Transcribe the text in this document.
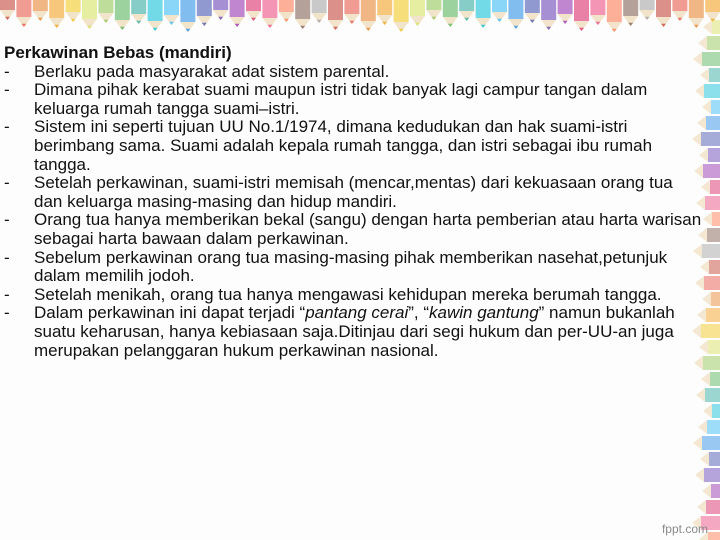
Perkawinan Bebas (mandiri)

- Berlaku pada masyarakat adat sistem parental.
- Dimana pihak kerabat suami maupun istri tidak banyak lagi campur tangan dalam keluarga rumah tangga suami–istri.
- Sistem ini seperti tujuan UU No.1/1974, dimana kedudukan dan hak suami-istri berimbang sama. Suami adalah kepala rumah tangga, dan istri sebagai ibu rumah tangga.
- Setelah perkawinan, suami-istri memisah (mencar,mentas) dari kekuasaan orang tua dan keluarga masing-masing dan hidup mandiri.
- Orang tua hanya memberikan bekal (sangu) dengan harta pemberian atau harta warisan sebagai harta bawaan dalam perkawinan.
- Sebelum perkawinan orang tua masing-masing pihak memberikan nasehat,petunjuk dalam memilih jodoh.
- Setelah menikah, orang tua hanya mengawasi kehidupan mereka berumah tangga.
- Dalam perkawinan ini dapat terjadi “pantang cerai”, “kawin gantung” namun bukanlah suatu keharusan, hanya kebiasaan saja.Ditinjau dari segi hukum dan per-UU-an juga merupakan pelanggaran hukum perkawinan nasional.
fppt.com
